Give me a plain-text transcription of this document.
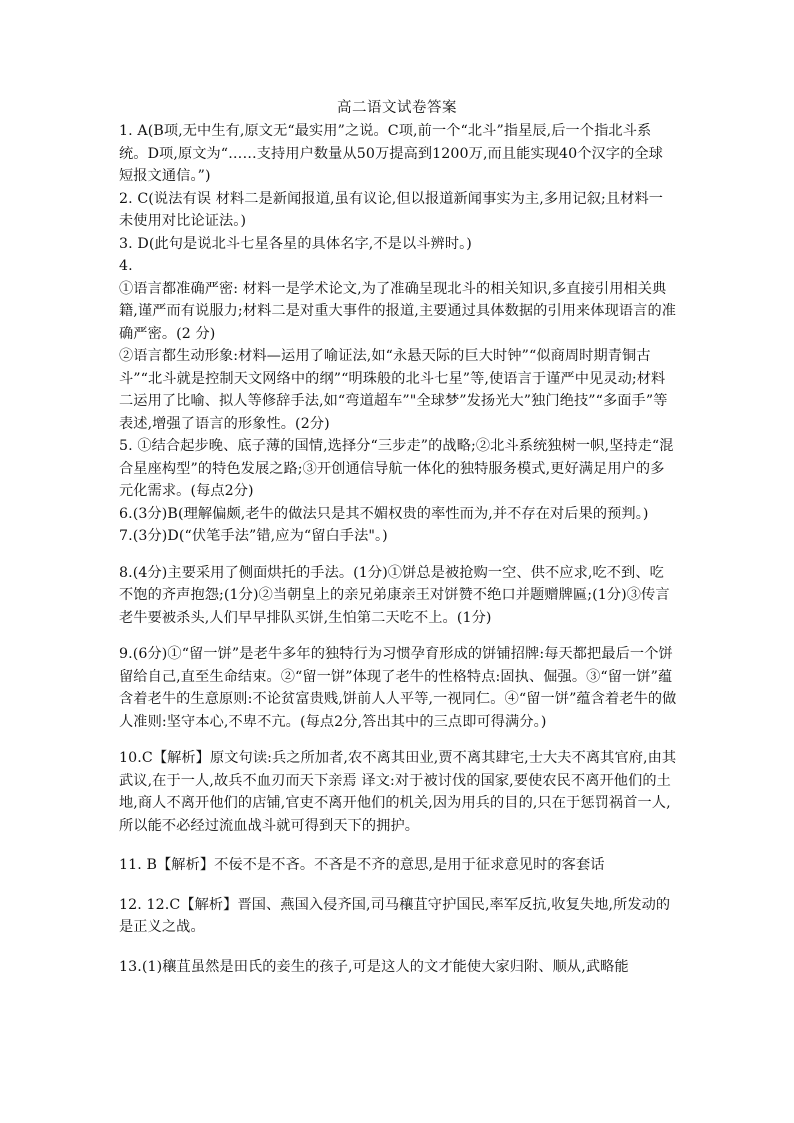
高二语文试卷答案

1. A(B项,无中生有,原文无“最实用”之说。C项,前一个“北斗”指星辰,后一个指北斗系统。D项,原文为“……支持用户数量从50万提高到1200万,而且能实现40个汉字的全球短报文通信。”)

2. C(说法有误 材料二是新闻报道,虽有议论,但以报道新闻事实为主,多用记叙;且材料一未使用对比论证法。)

3. D(此句是说北斗七星各星的具体名字,不是以斗辨时。)

4.

①语言都准确严密: 材料一是学术论文,为了准确呈现北斗的相关知识,多直接引用相关典籍,谨严而有说服力;材料二是对重大事件的报道,主要通过具体数据的引用来体现语言的准确严密。(2 分)

②语言都生动形象:材料—运用了喻证法,如“永悬天际的巨大时钟”“似商周时期青铜古斗”“北斗就是控制天文网络中的纲”“明珠般的北斗七星”等,使语言于谨严中见灵动;材料二运用了比喻、拟人等修辞手法,如“弯道超车”"全球梦”发扬光大”独门绝技”“多面手”等表述,增强了语言的形象性。(2分)

5. ①结合起步晚、底子薄的国情,选择分“三步走”的战略;②北斗系统独树一帜,坚持走“混合星座构型”的特色发展之路;③开创通信导航一体化的独特服务模式,更好满足用户的多元化需求。(每点2分)

6.(3分)B(理解偏颇,老牛的做法只是其不媚权贵的率性而为,并不存在对后果的预判。)

7.(3分)D(“伏笔手法”错,应为“留白手法"。)

8.(4分)主要采用了侧面烘托的手法。(1分)①饼总是被抢购一空、供不应求,吃不到、吃不饱的齐声抱怨;(1分)②当朝皇上的亲兄弟康亲王对饼赞不绝口并题赠牌匾;(1分)③传言老牛要被杀头,人们早早排队买饼,生怕第二天吃不上。(1分)

9.(6分)①“留一饼”是老牛多年的独特行为习惯孕育形成的饼铺招牌:每天都把最后一个饼留给自己,直至生命结束。②“留一饼”体现了老牛的性格特点:固执、倔强。③“留一饼”蕴含着老牛的生意原则:不论贫富贵贱,饼前人人平等,一视同仁。④“留一饼”蕴含着老牛的做人准则:坚守本心,不卑不亢。(每点2分,答出其中的三点即可得满分。)

10.C【解析】原文句读:兵之所加者,农不离其田业,贾不离其肆宅,士大夫不离其官府,由其武议,在于一人,故兵不血刃而天下亲焉 译文:对于被讨伐的国家,要使农民不离开他们的土地,商人不离开他们的店铺,官吏不离开他们的机关,因为用兵的目的,只在于惩罚祸首一人,所以能不必经过流血战斗就可得到天下的拥护。

11. B【解析】不佞不是不吝。不吝是不齐的意思,是用于征求意见时的客套话

12. 12.C【解析】晋国、燕国入侵齐国,司马穰苴守护国民,率军反抗,收复失地,所发动的是正义之战。

13.(1)穰苴虽然是田氏的妾生的孩子,可是这人的文才能使大家归附、顺从,武略能
